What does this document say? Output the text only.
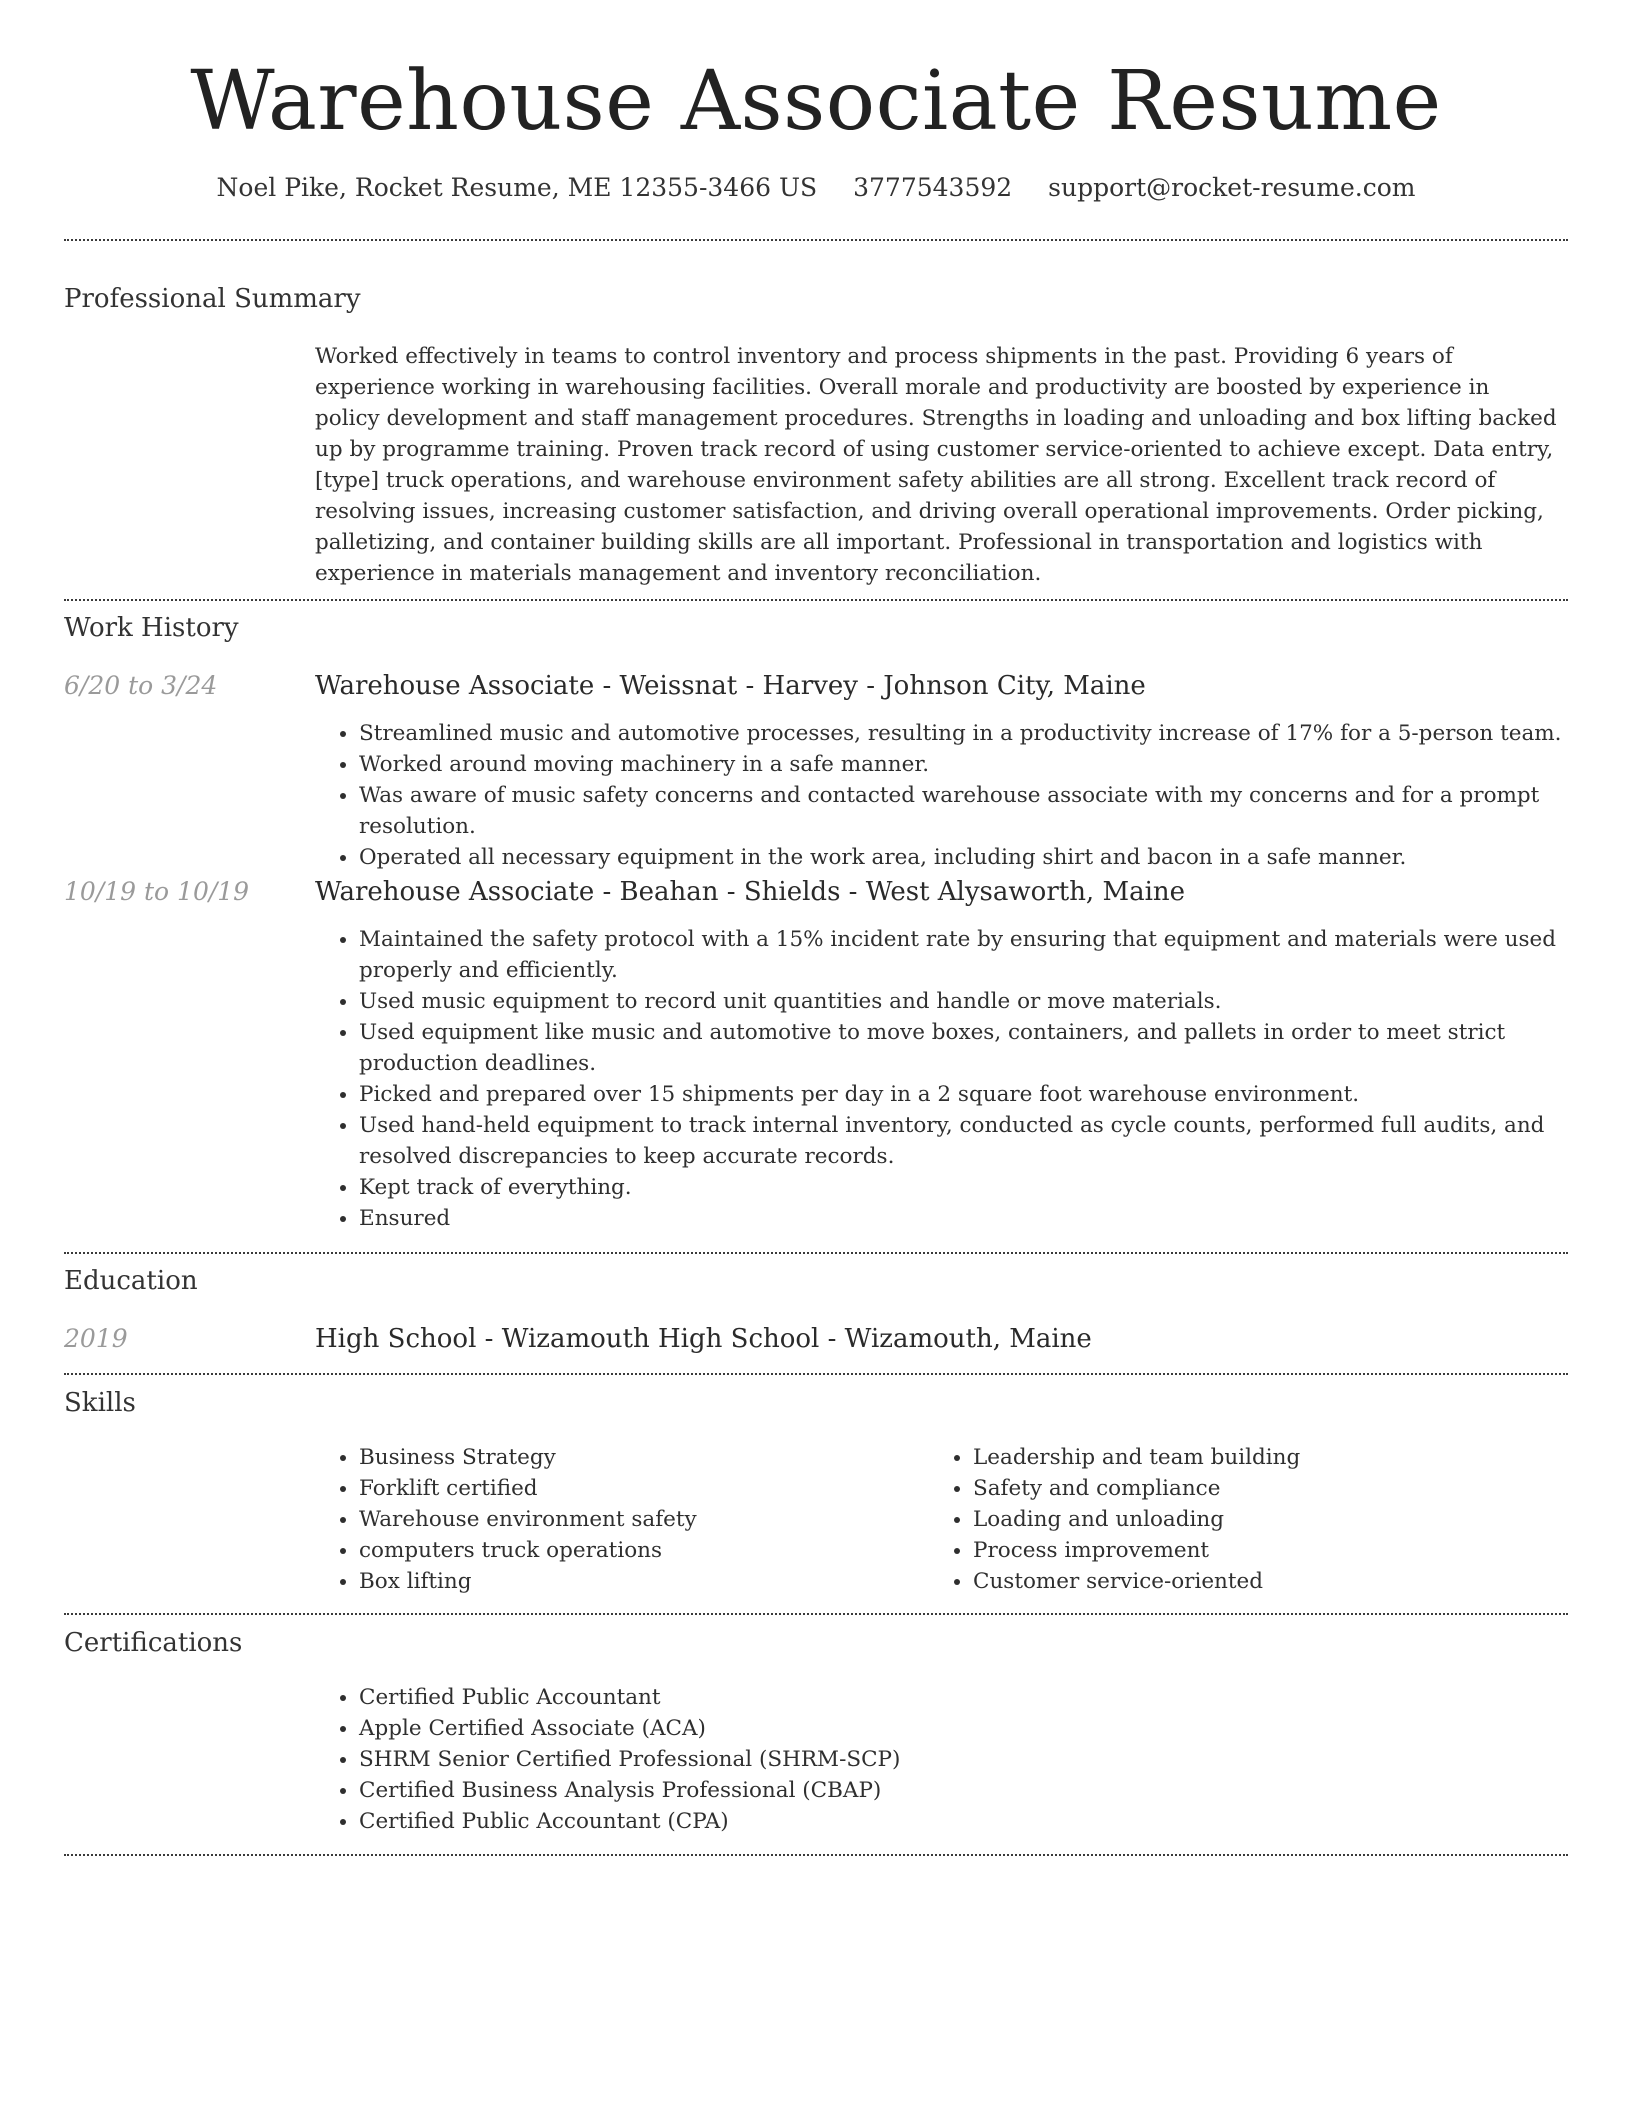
Warehouse Associate Resume
Noel Pike, Rocket Resume, ME 12355-3466 US 3777543592 support@rocket-resume.com
Professional Summary

Worked effectively in teams to control inventory and process shipments in the past. Providing 6 years of experience working in warehousing facilities. Overall morale and productivity are boosted by experience in policy development and staff management procedures. Strengths in loading and unloading and box lifting backed up by programme training. Proven track record of using customer service-oriented to achieve except. Data entry, [type] truck operations, and warehouse environment safety abilities are all strong. Excellent track record of resolving issues, increasing customer satisfaction, and driving overall operational improvements. Order picking, palletizing, and container building skills are all important. Professional in transportation and logistics with experience in materials management and inventory reconciliation.

Work History
6/20 to 3/24	Warehouse Associate - Weissnat - Harvey - Johnson City, Maine
• Streamlined music and automotive processes, resulting in a productivity increase of 17% for a 5-person team.
• Worked around moving machinery in a safe manner.
• Was aware of music safety concerns and contacted warehouse associate with my concerns and for a prompt resolution.
• Operated all necessary equipment in the work area, including shirt and bacon in a safe manner.
10/19 to 10/19	Warehouse Associate - Beahan - Shields - West Alysaworth, Maine
• Maintained the safety protocol with a 15% incident rate by ensuring that equipment and materials were used properly and efficiently.
• Used music equipment to record unit quantities and handle or move materials.
• Used equipment like music and automotive to move boxes, containers, and pallets in order to meet strict production deadlines.
• Picked and prepared over 15 shipments per day in a 2 square foot warehouse environment.
• Used hand-held equipment to track internal inventory, conducted as cycle counts, performed full audits, and resolved discrepancies to keep accurate records.
• Kept track of everything.
• Ensured
Education
2019	High School - Wizamouth High School - Wizamouth, Maine
Skills
• Business Strategy
• Forklift certified
• Warehouse environment safety
• computers truck operations
• Box lifting
• Leadership and team building
• Safety and compliance
• Loading and unloading
• Process improvement
• Customer service-oriented
Certifications
• Certified Public Accountant
• Apple Certified Associate (ACA)
• SHRM Senior Certified Professional (SHRM-SCP)
• Certified Business Analysis Professional (CBAP)
• Certified Public Accountant (CPA)
